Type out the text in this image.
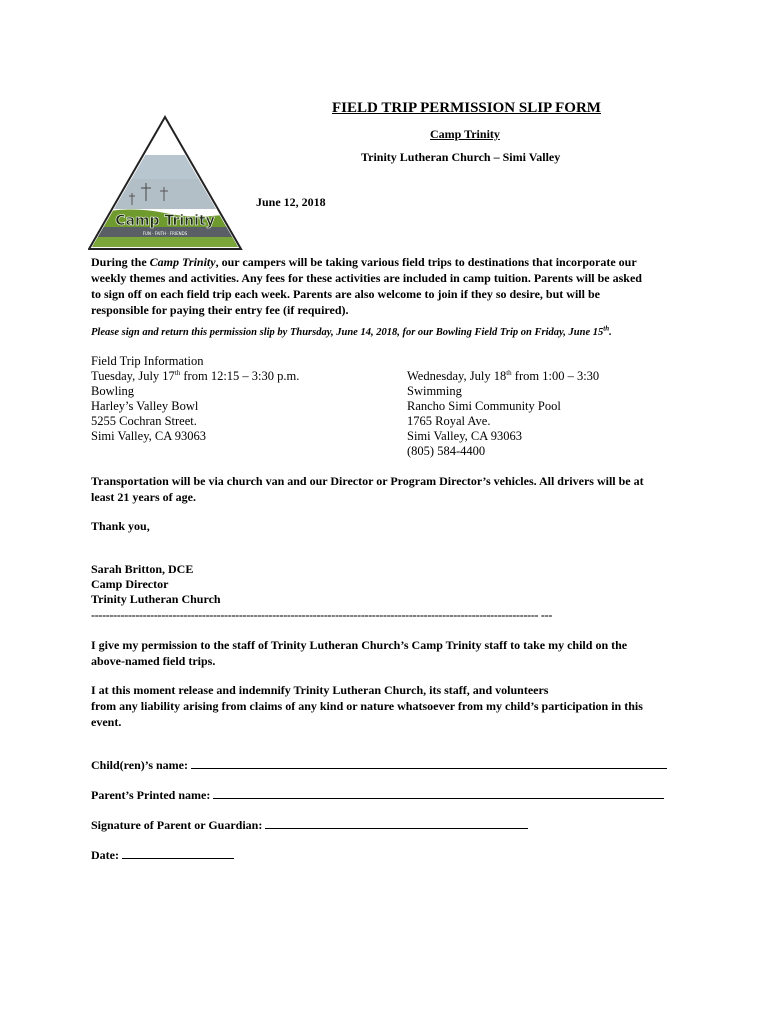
Camp Trinity
FUN · FAITH · FRIENDS
FIELD TRIP PERMISSION SLIP FORM
Camp Trinity
Trinity Lutheran Church – Simi Valley
June 12, 2018
During the Camp Trinity, our campers will be taking various field trips to destinations that incorporate our
weekly themes and activities. Any fees for these activities are included in camp tuition. Parents will be asked
to sign off on each field trip each week. Parents are also welcome to join if they so desire, but will be
responsible for paying their entry fee (if required).
Please sign and return this permission slip by Thursday, June 14, 2018, for our Bowling Field Trip on Friday, June 15th.
Field Trip Information
Tuesday, July 17th from 12:15 – 3:30 p.m.
Bowling
Harley’s Valley Bowl
5255 Cochran Street.
Simi Valley, CA 93063
Wednesday, July 18th from 1:00 – 3:30
Swimming
Rancho Simi Community Pool
1765 Royal Ave.
Simi Valley, CA 93063
(805) 584-4400
Transportation will be via church van and our Director or Program Director’s vehicles. All drivers will be at
least 21 years of age.
Thank you,
Sarah Britton, DCE
Camp Director
Trinity Lutheran Church
------------------------------------------------------------------------------------------------------------------------- ---
I give my permission to the staff of Trinity Lutheran Church’s Camp Trinity staff to take my child on the
above-named field trips.
I at this moment release and indemnify Trinity Lutheran Church, its staff, and volunteers
from any liability arising from claims of any kind or nature whatsoever from my child’s participation in this
event.
Child(ren)’s name:
Parent’s Printed name:
Signature of Parent or Guardian:
Date:
